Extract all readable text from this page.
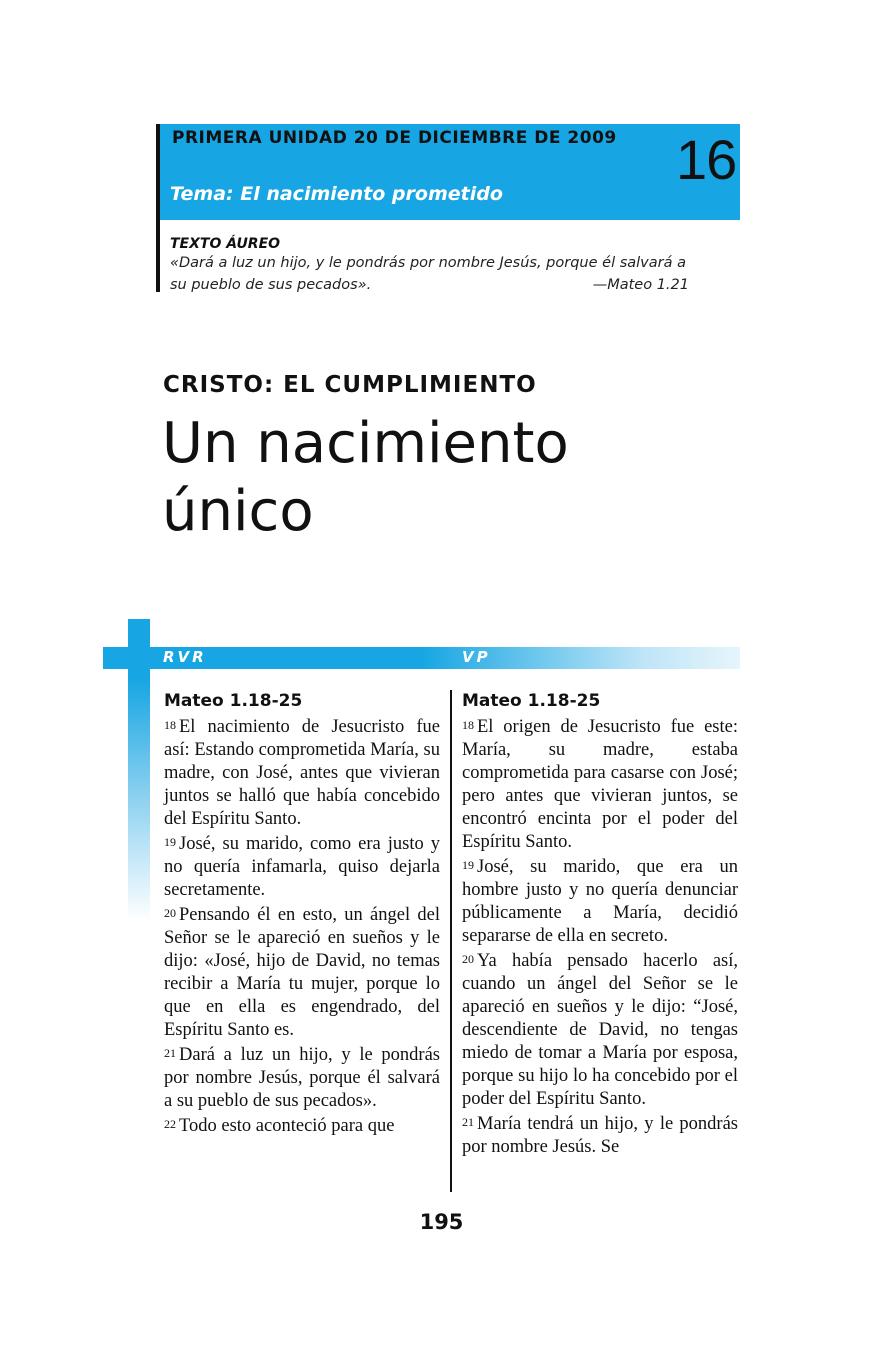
PRIMERA UNIDAD 20 DE DICIEMBRE DE 2009 16
Tema: El nacimiento prometido
TEXTO ÁUREO
«Dará a luz un hijo, y le pondrás por nombre Jesús, porque él salvará a su pueblo de sus pecados».	—Mateo 1.21
CRISTO: EL CUMPLIMIENTO
Un nacimiento único
RVR	VP
Mateo 1.18-25

18 El nacimiento de Jesucristo fue así: Estando comprometida María, su madre, con José, antes que vivieran juntos se halló que había concebido del Espíritu Santo.

19 José, su marido, como era justo y no quería infamarla, quiso dejarla secretamente.

20 Pensando él en esto, un ángel del Señor se le apareció en sueños y le dijo: «José, hijo de David, no temas recibir a María tu mujer, porque lo que en ella es engendrado, del Espíritu Santo es.

21 Dará a luz un hijo, y le pondrás por nombre Jesús, porque él salvará a su pueblo de sus pecados».

22 Todo esto aconteció para que

Mateo 1.18-25

18 El origen de Jesucristo fue este: María, su madre, estaba comprometida para casarse con José; pero antes que vivieran juntos, se encontró encinta por el poder del Espíritu Santo.

19 José, su marido, que era un hombre justo y no quería denunciar públicamente a María, decidió separarse de ella en secreto.

20 Ya había pensado hacerlo así, cuando un ángel del Señor se le apareció en sueños y le dijo: “José, descendiente de David, no tengas miedo de tomar a María por esposa, porque su hijo lo ha concebido por el poder del Espíritu Santo.

21 María tendrá un hijo, y le pondrás por nombre Jesús. Se

195
